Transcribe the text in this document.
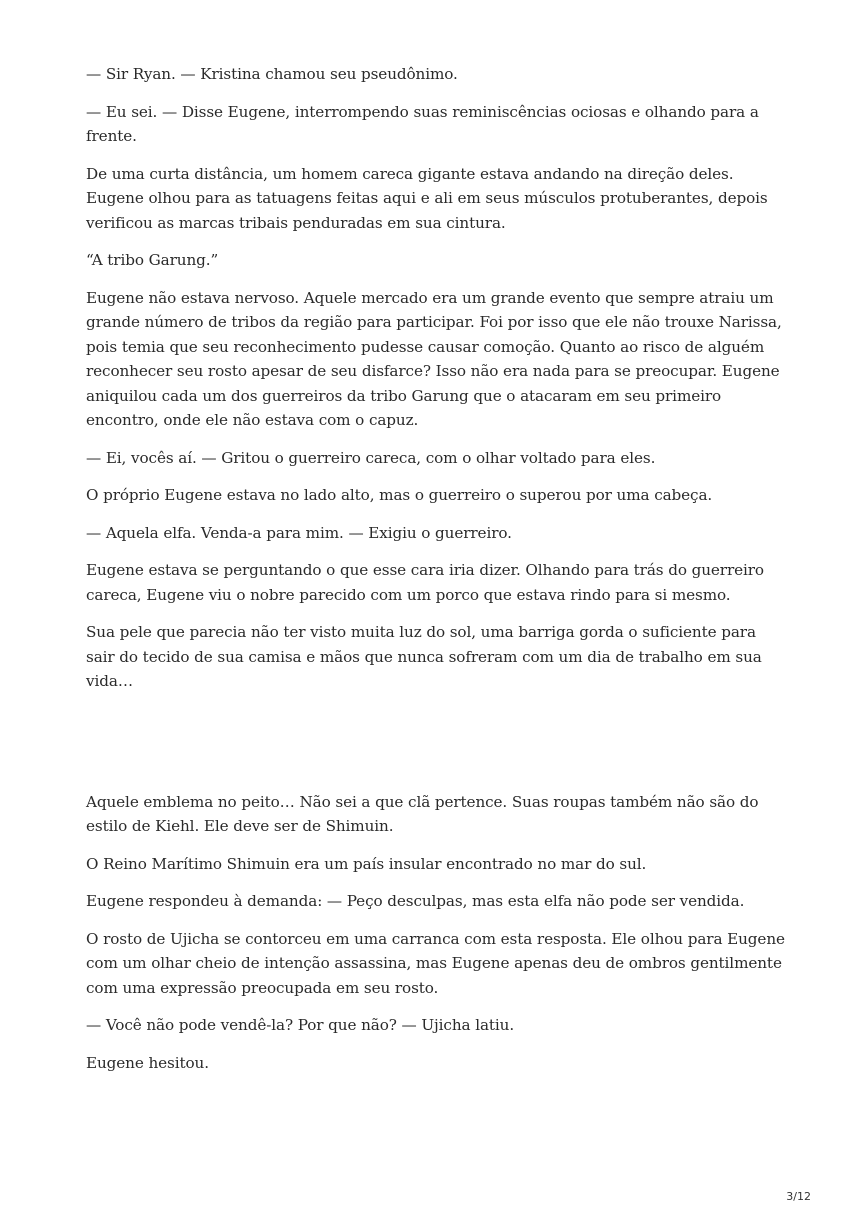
— Sir Ryan. — Kristina chamou seu pseudônimo.

— Eu sei. — Disse Eugene, interrompendo suas reminiscências ociosas e olhando para a frente.

De uma curta distância, um homem careca gigante estava andando na direção deles. Eugene olhou para as tatuagens feitas aqui e ali em seus músculos protuberantes, depois verificou as marcas tribais penduradas em sua cintura.

“A tribo Garung.”

Eugene não estava nervoso. Aquele mercado era um grande evento que sempre atraiu um grande número de tribos da região para participar. Foi por isso que ele não trouxe Narissa, pois temia que seu reconhecimento pudesse causar comoção. Quanto ao risco de alguém reconhecer seu rosto apesar de seu disfarce? Isso não era nada para se preocupar. Eugene aniquilou cada um dos guerreiros da tribo Garung que o atacaram em seu primeiro encontro, onde ele não estava com o capuz.

— Ei, vocês aí. — Gritou o guerreiro careca, com o olhar voltado para eles.

O próprio Eugene estava no lado alto, mas o guerreiro o superou por uma cabeça.

— Aquela elfa. Venda-a para mim. — Exigiu o guerreiro.

Eugene estava se perguntando o que esse cara iria dizer. Olhando para trás do guerreiro careca, Eugene viu o nobre parecido com um porco que estava rindo para si mesmo.

Sua pele que parecia não ter visto muita luz do sol, uma barriga gorda o suficiente para sair do tecido de sua camisa e mãos que nunca sofreram com um dia de trabalho em sua vida…

Aquele emblema no peito… Não sei a que clã pertence. Suas roupas também não são do estilo de Kiehl. Ele deve ser de Shimuin.

O Reino Marítimo Shimuin era um país insular encontrado no mar do sul.

Eugene respondeu à demanda: — Peço desculpas, mas esta elfa não pode ser vendida.

O rosto de Ujicha se contorceu em uma carranca com esta resposta. Ele olhou para Eugene com um olhar cheio de intenção assassina, mas Eugene apenas deu de ombros gentilmente com uma expressão preocupada em seu rosto.

— Você não pode vendê-la? Por que não? — Ujicha latiu.

Eugene hesitou.

3/12
